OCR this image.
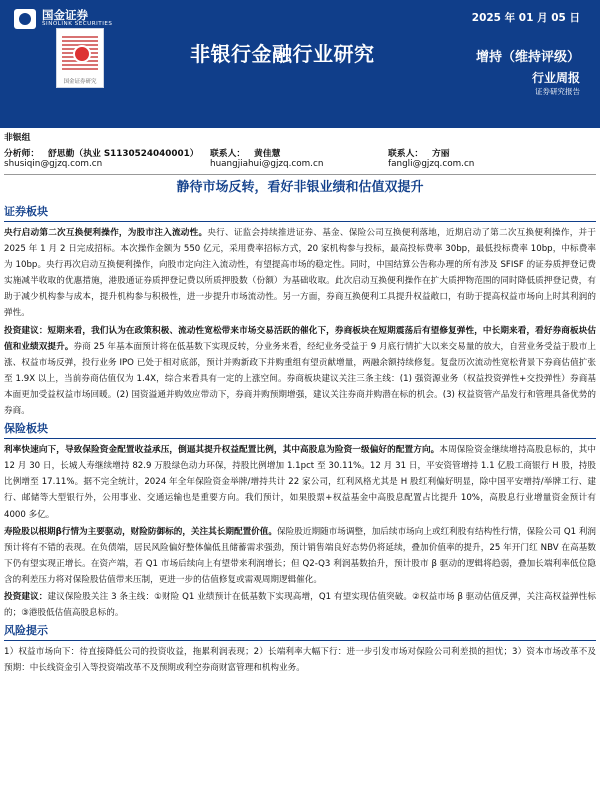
国金证券
SINOLINK SECURITIES	2025 年 01 月 05 日
国金证券研究
非银行金融行业研究	增持（维持评级）
行业周报
证券研究报告
非银组
分析师： 舒思勤（执业 S1130524040001） 联系人： 黄佳慧	联系人： 方丽
shusiqin@gjzq.com.cn	huangjiahui@gjzq.com.cn	fangli@gjzq.com.cn
静待市场反转，看好非银业绩和估值双提升
证券板块

央行启动第二次互换便利操作，为股市注入流动性。央行、证监会持续推进证券、基金、保险公司互换便利落地，近期启动了第二次互换便利操作，并于 2025 年 1 月 2 日完成招标。本次操作金额为 550 亿元，采用费率招标方式，20 家机构参与投标，最高投标费率 30bp，最低投标费率 10bp，中标费率为 10bp。央行再次启动互换便利操作，向股市定向注入流动性，有望提高市场的稳定性。同时，中国结算公告称办理的所有涉及 SFISF 的证券质押登记费实施减半收取的优惠措施，港股通证券质押登记费以所质押股数（份额）为基础收取。此次启动互换便利操作在扩大质押物范围的同时降低质押登记费，有助于减少机构参与成本，提升机构参与积极性，进一步提升市场流动性。另一方面，券商互换便利工具提升权益敞口，有助于提高权益市场向上时其利润的弹性。

投资建议：短期来看，我们认为在政策积极、流动性宽松带来市场交易活跃的催化下，券商板块在短期震荡后有望修复弹性，中长期来看，看好券商板块估值和业绩双提升。券商 25 年基本面预计将在低基数下实现反转，分业务来看，经纪业务受益于 9 月底行情扩大以来交易量的放大，自营业务受益于股市上涨、权益市场反弹，投行业务 IPO 已处于相对底部，预计并购新政下并购重组有望贡献增量，两融余额持续修复。复盘历次流动性宽松背景下券商估值扩张至 1.9X 以上，当前券商估值仅为 1.4X，综合来看具有一定的上涨空间。券商板块建议关注三条主线：(1) 强资源业务（权益投资弹性+交投弹性）券商基本面更加受益权益市场回暖。(2) 国资溢通并购效应带动下，券商并购预期增强，建议关注券商并购潜在标的机会。(3) 权益资管产品发行和管理具备优势的券商。

保险板块

利率快速向下，导致保险资金配置收益承压，倒逼其提升权益配置比例，其中高股息为险资一级偏好的配置方向。本周保险资金继续增持高股息标的，其中 12 月 30 日，长城人寿继续增持 82.9 万股绿色动力环保，持股比例增加 1.1pct 至 30.11%。12 月 31 日，平安资管增持 1.1 亿股工商银行 H 股，持股比例增至 17.11%。据不完全统计，2024 年全年保险资金举牌/增持共计 22 家公司，红利风格尤其是 H 股红利偏好明显，除中国平安增持/举牌工行、建行、邮储等大型银行外，公用事业、交通运输也是重要方向。我们预计，如果股票+权益基金中高股息配置占比提升 10%，高股息行业增量资金预计有 4000 多亿。

寿险股以根期β行情为主要驱动，财险防御标的，关注其长期配置价值。保险股近期随市场调整，加后续市场向上或红利股有结构性行情，保险公司 Q1 利润预计将有不错的表现。在负债端，居民风险偏好整体偏低且储蓄需求强劲，预计销售端良好态势仍将延续，叠加价值率的提升，25 年开门红 NBV 在高基数下仍有望实现正增长。在资产端，若 Q1 市场后续向上有望带来利润增长；但 Q2-Q3 利润基数抬升，预计股市 β 驱动的逻辑将趋弱，叠加长端利率低位隐含的利差压力将对保险股估值带来压制，更进一步的估值修复或需观周期逻辑催化。

投资建议：建议保险股关注 3 条主线：①财险 Q1 业绩预计在低基数下实现高增，Q1 有望实现估值突破。②权益市场 β 驱动估值反弹，关注高权益弹性标的；③港股低估值高股息标的。

风险提示

1）权益市场向下：待直接降低公司的投资收益，拖累利润表现；2）长端利率大幅下行：进一步引发市场对保险公司利差损的担忧；3）资本市场改革不及预期：中长线资金引入等投资端改革不及预期或利空券商财富管理和机构业务。
